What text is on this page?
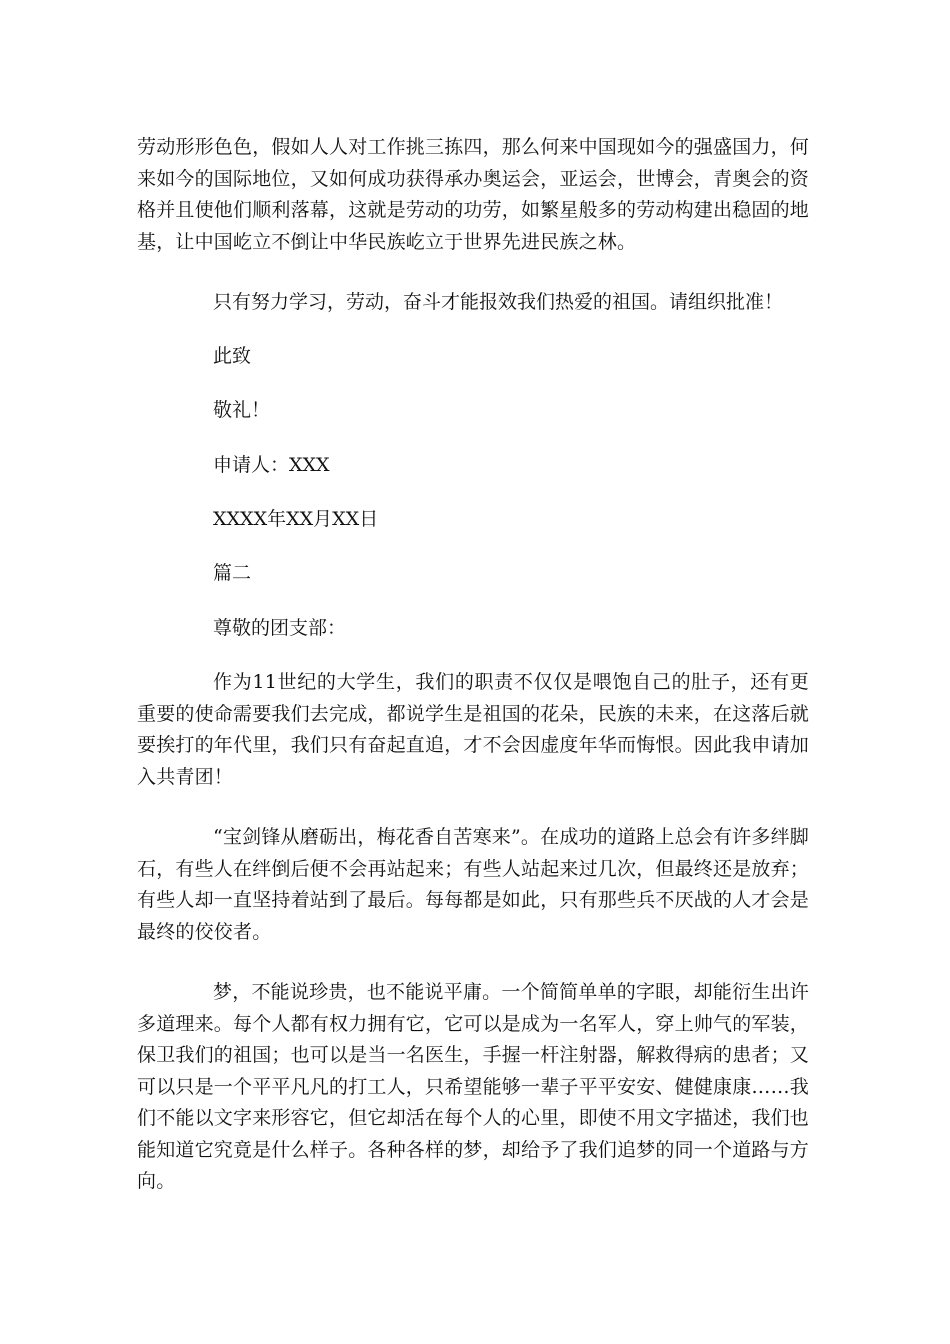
劳动形形色色，假如人人对工作挑三拣四，那么何来中国现如今的强盛国力，何来如今的国际地位，又如何成功获得承办奥运会，亚运会，世博会，青奥会的资格并且使他们顺利落幕，这就是劳动的功劳，如繁星般多的劳动构建出稳固的地基，让中国屹立不倒让中华民族屹立于世界先进民族之林。

只有努力学习，劳动，奋斗才能报效我们热爱的祖国。请组织批准！

此致

敬礼！

申请人：XXX

XXXX年XX月XX日

篇二

尊敬的团支部：

作为11世纪的大学生，我们的职责不仅仅是喂饱自己的肚子，还有更重要的使命需要我们去完成，都说学生是祖国的花朵，民族的未来，在这落后就要挨打的年代里，我们只有奋起直追，才不会因虚度年华而悔恨。因此我申请加入共青团！

“宝剑锋从磨砺出，梅花香自苦寒来”。在成功的道路上总会有许多绊脚石，有些人在绊倒后便不会再站起来；有些人站起来过几次，但最终还是放弃；有些人却一直坚持着站到了最后。每每都是如此，只有那些兵不厌战的人才会是最终的佼佼者。

梦，不能说珍贵，也不能说平庸。一个简简单单的字眼，却能衍生出许多道理来。每个人都有权力拥有它，它可以是成为一名军人，穿上帅气的军装，保卫我们的祖国；也可以是当一名医生，手握一杆注射器，解救得病的患者；又可以只是一个平平凡凡的打工人，只希望能够一辈子平平安安、健健康康……我们不能以文字来形容它，但它却活在每个人的心里，即使不用文字描述，我们也能知道它究竟是什么样子。各种各样的梦，却给予了我们追梦的同一个道路与方向。
